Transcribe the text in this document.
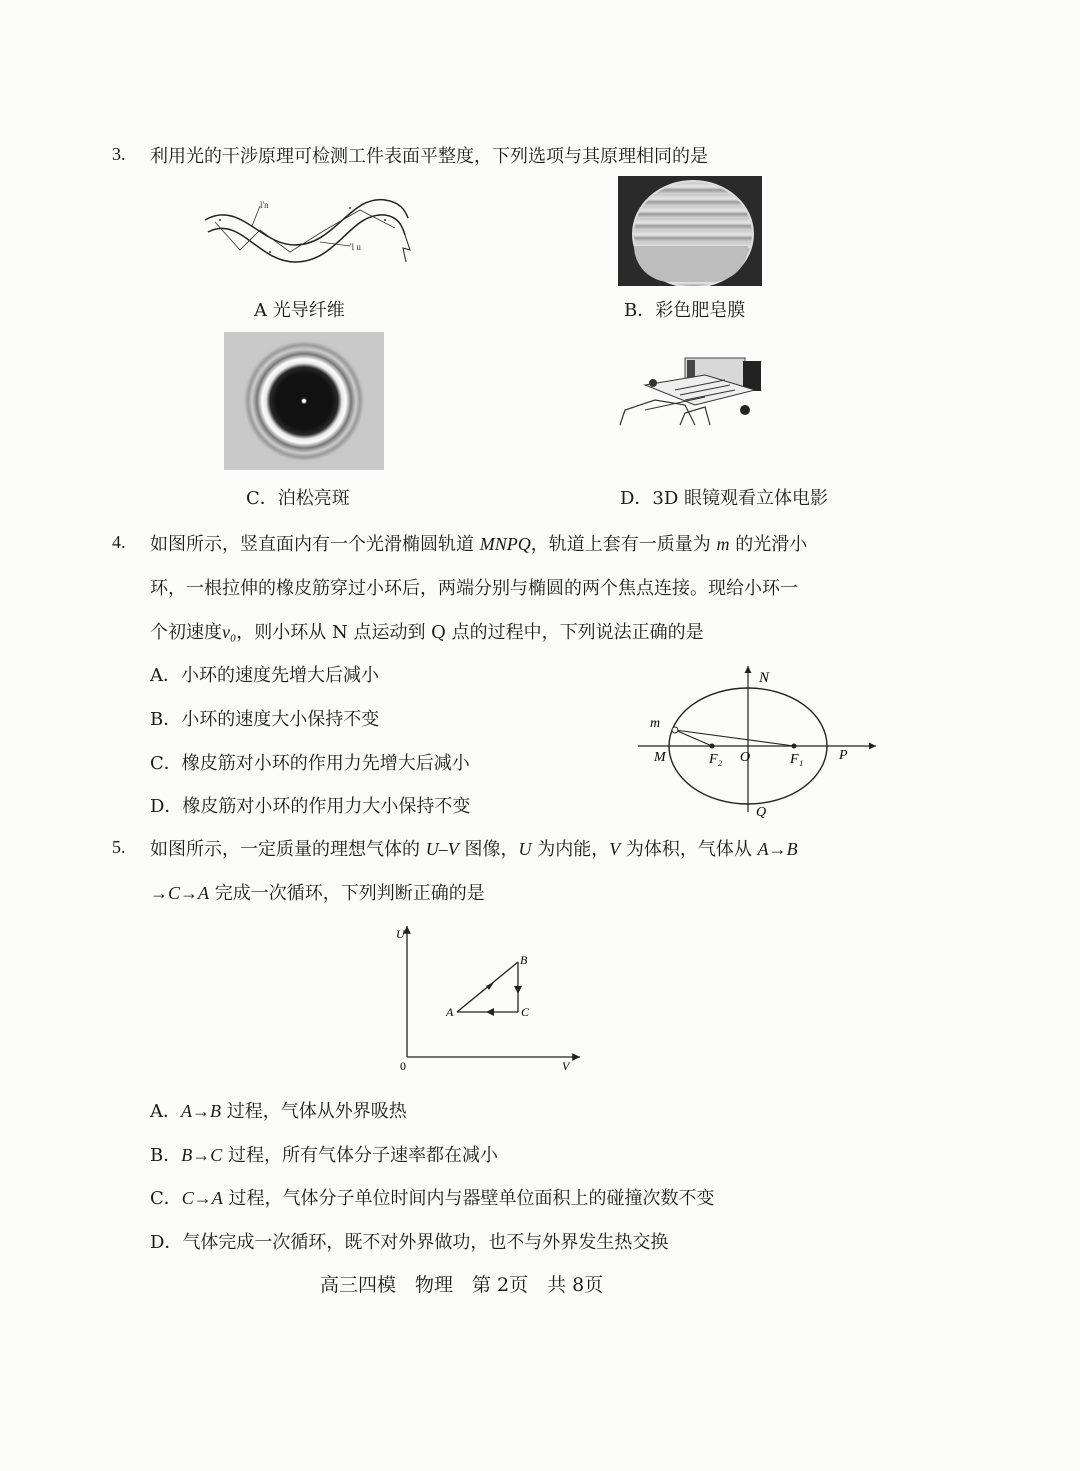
3. 利用光的干涉原理可检测工件表面平整度，下列选项与其原理相同的是
l'n
'l u
A 光导纤维	B．彩色肥皂膜
C．泊松亮斑	D．3D 眼镜观看立体电影
4. 如图所示，竖直面内有一个光滑椭圆轨道 MNPQ，轨道上套有一质量为 m 的光滑小
环，一根拉伸的橡皮筋穿过小环后，两端分别与椭圆的两个焦点连接。现给小环一
个初速度v₀，则小环从 N 点运动到 Q 点的过程中，下列说法正确的是
A．小环的速度先增大后减小
B．小环的速度大小保持不变
C．橡皮筋对小环的作用力先增大后减小
D．橡皮筋对小环的作用力大小保持不变
N
m
M	F₂ O	F₁	P
Q
5. 如图所示，一定质量的理想气体的 U–V 图像，U 为内能，V 为体积，气体从 A→B
→C→A 完成一次循环，下列判断正确的是
U
V
0
A
B
C
A．A→B 过程，气体从外界吸热
B．B→C 过程，所有气体分子速率都在减小
C．C→A 过程，气体分子单位时间内与器壁单位面积上的碰撞次数不变
D．气体完成一次循环，既不对外界做功，也不与外界发生热交换
高三四模　物理　第 2页　共 8页
